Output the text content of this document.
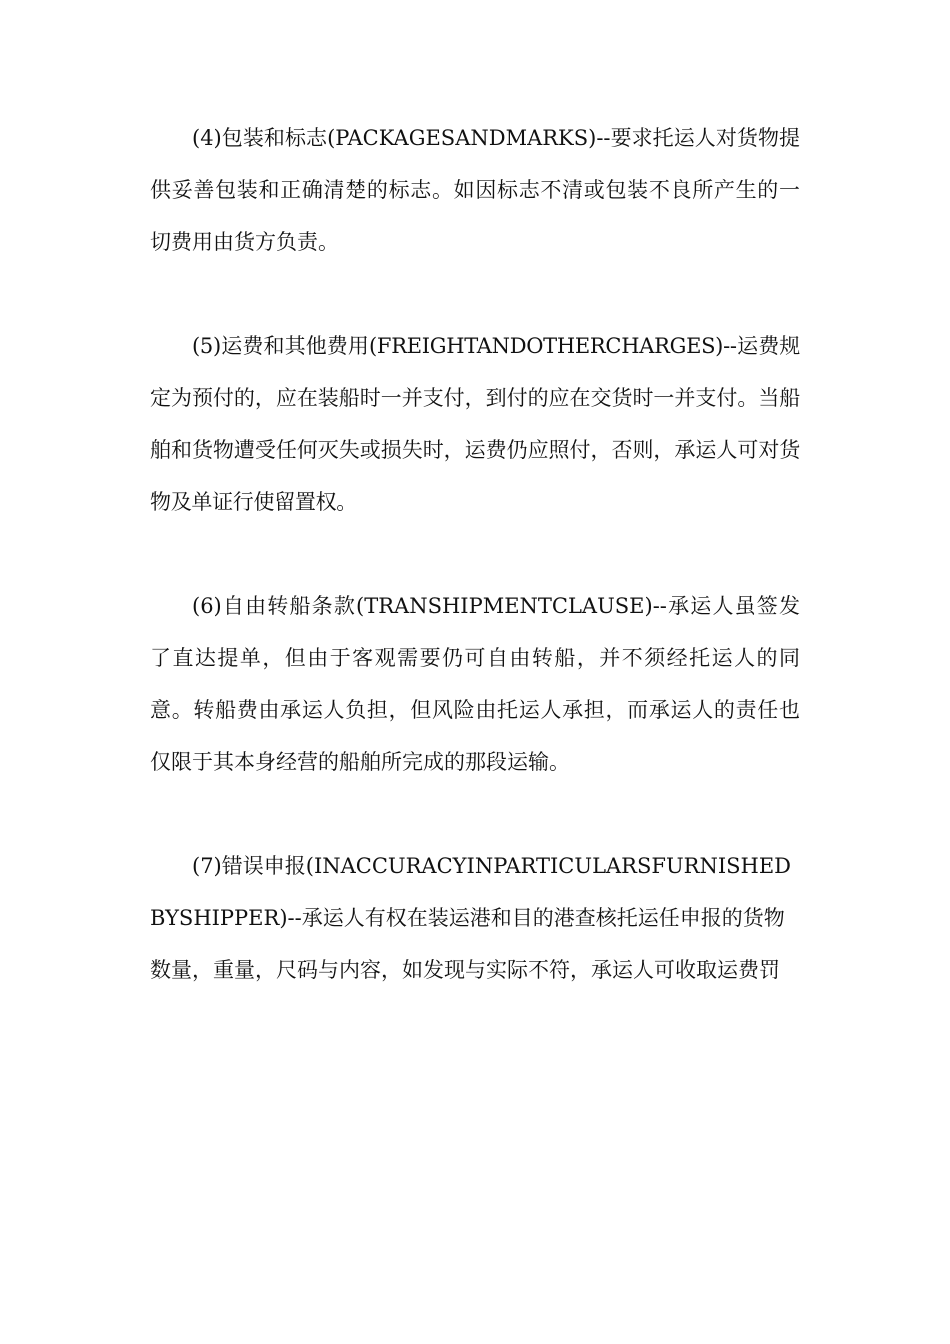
(4)包装和标志(PACKAGESANDMARKS)--要求托运人对货物提供妥善包装和正确清楚的标志。如因标志不清或包装不良所产生的一切费用由货方负责。

(5)运费和其他费用(FREIGHTANDOTHERCHARGES)--运费规定为预付的，应在装船时一并支付，到付的应在交货时一并支付。当船舶和货物遭受任何灭失或损失时，运费仍应照付，否则，承运人可对货物及单证行使留置权。

(6)自由转船条款(TRANSHIPMENTCLAUSE)--承运人虽签发了直达提单，但由于客观需要仍可自由转船，并不须经托运人的同意。转船费由承运人负担，但风险由托运人承担，而承运人的责任也仅限于其本身经营的船舶所完成的那段运输。

(7)错误申报(INACCURACYINPARTICULARSFURNISHEDBYSHIPPER)--承运人有权在装运港和目的港查核托运任申报的货物数量，重量，尺码与内容，如发现与实际不符，承运人可收取运费罚
